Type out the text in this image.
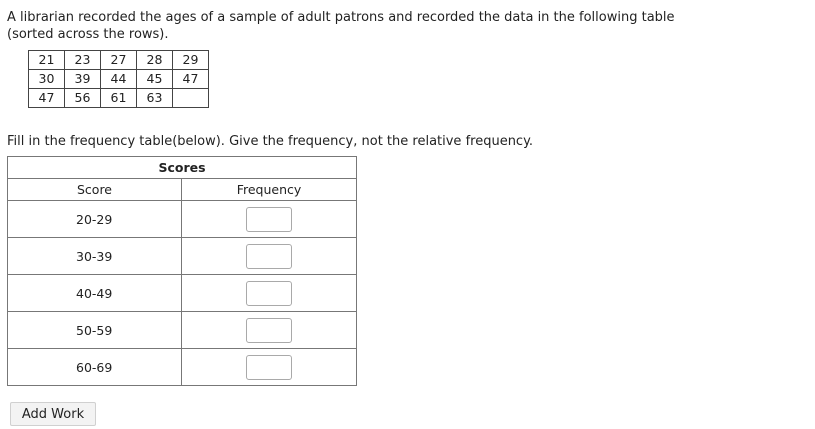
A librarian recorded the ages of a sample of adult patrons and recorded the data in the following table (sorted across the rows).

21	23	27	28	29
30	39	44	45	47
47	56	61	63	

Fill in the frequency table(below). Give the frequency, not the relative frequency.

Scores
Score	Frequency
20-29	

30-39	

40-49	

50-59	

60-69	
Add Work
